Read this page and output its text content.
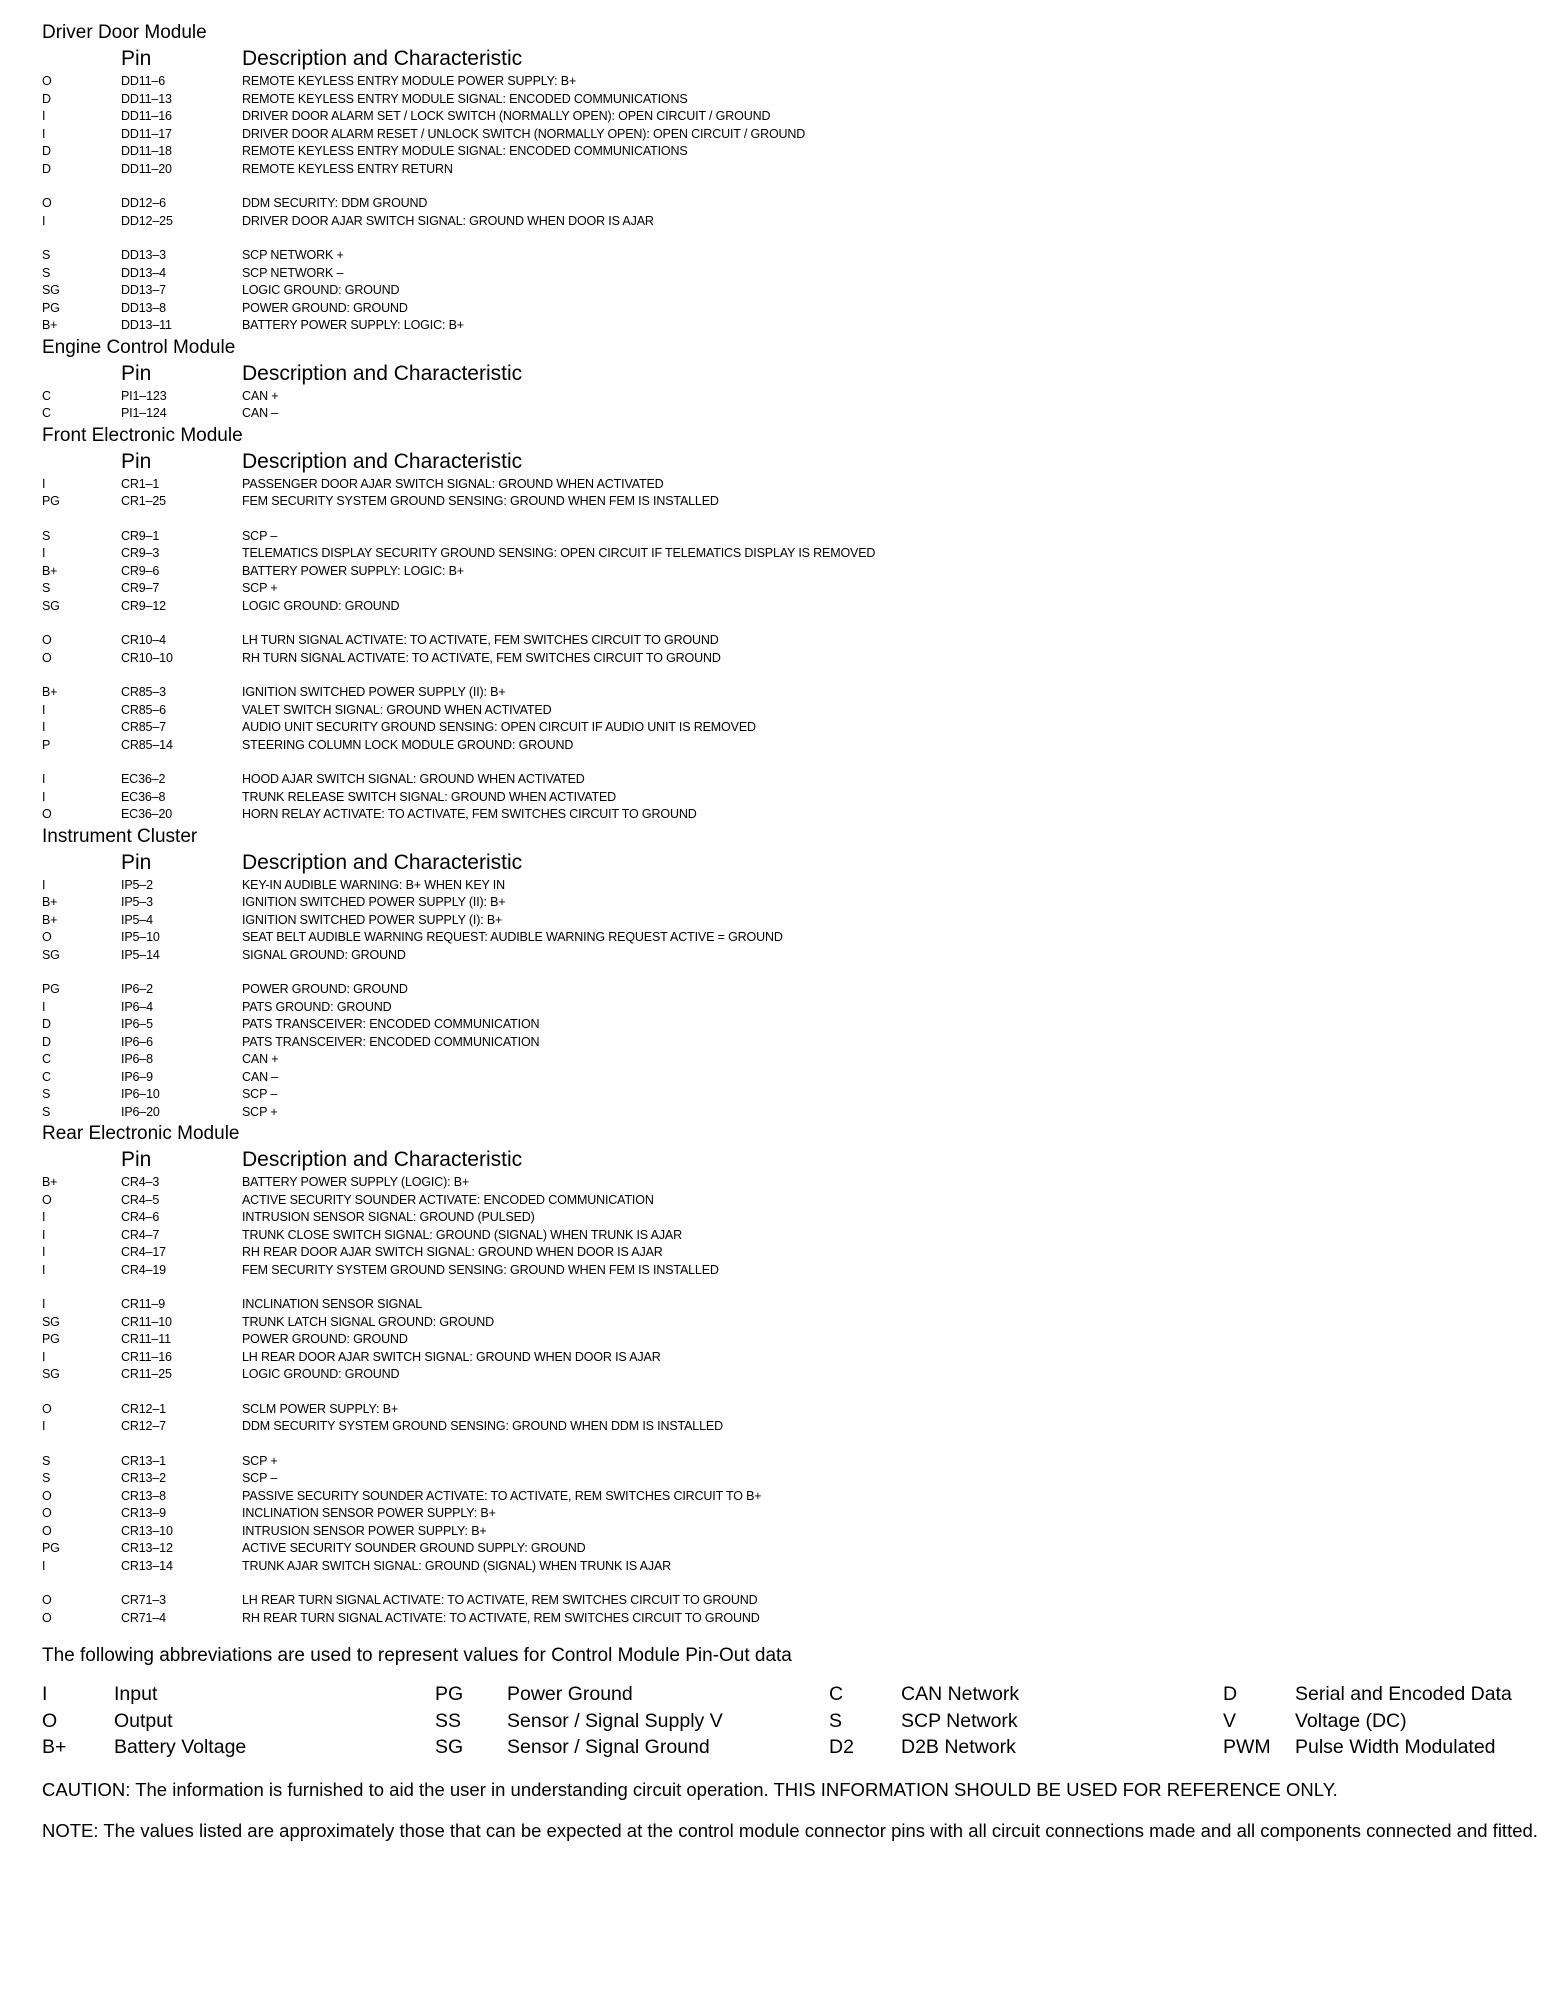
Driver Door Module
Pin	Description and Characteristic
O	DD11–6	REMOTE KEYLESS ENTRY MODULE POWER SUPPLY: B+
D	DD11–13	REMOTE KEYLESS ENTRY MODULE SIGNAL: ENCODED COMMUNICATIONS
I	DD11–16	DRIVER DOOR ALARM SET / LOCK SWITCH (NORMALLY OPEN): OPEN CIRCUIT / GROUND
I	DD11–17	DRIVER DOOR ALARM RESET / UNLOCK SWITCH (NORMALLY OPEN): OPEN CIRCUIT / GROUND
D	DD11–18	REMOTE KEYLESS ENTRY MODULE SIGNAL: ENCODED COMMUNICATIONS
D	DD11–20	REMOTE KEYLESS ENTRY RETURN
O	DD12–6	DDM SECURITY: DDM GROUND
I	DD12–25	DRIVER DOOR AJAR SWITCH SIGNAL: GROUND WHEN DOOR IS AJAR
S	DD13–3	SCP NETWORK +
S	DD13–4	SCP NETWORK –
SG	DD13–7	LOGIC GROUND: GROUND
PG	DD13–8	POWER GROUND: GROUND
B+	DD13–11	BATTERY POWER SUPPLY: LOGIC: B+
Engine Control Module
Pin	Description and Characteristic
C	PI1–123	CAN +
C	PI1–124	CAN –
Front Electronic Module
Pin	Description and Characteristic
I	CR1–1	PASSENGER DOOR AJAR SWITCH SIGNAL: GROUND WHEN ACTIVATED
PG	CR1–25	FEM SECURITY SYSTEM GROUND SENSING: GROUND WHEN FEM IS INSTALLED
S	CR9–1	SCP –
I	CR9–3	TELEMATICS DISPLAY SECURITY GROUND SENSING: OPEN CIRCUIT IF TELEMATICS DISPLAY IS REMOVED
B+	CR9–6	BATTERY POWER SUPPLY: LOGIC: B+
S	CR9–7	SCP +
SG	CR9–12	LOGIC GROUND: GROUND
O	CR10–4	LH TURN SIGNAL ACTIVATE: TO ACTIVATE, FEM SWITCHES CIRCUIT TO GROUND
O	CR10–10	RH TURN SIGNAL ACTIVATE: TO ACTIVATE, FEM SWITCHES CIRCUIT TO GROUND
B+	CR85–3	IGNITION SWITCHED POWER SUPPLY (II): B+
I	CR85–6	VALET SWITCH SIGNAL: GROUND WHEN ACTIVATED
I	CR85–7	AUDIO UNIT SECURITY GROUND SENSING: OPEN CIRCUIT IF AUDIO UNIT IS REMOVED
P	CR85–14	STEERING COLUMN LOCK MODULE GROUND: GROUND
I	EC36–2	HOOD AJAR SWITCH SIGNAL: GROUND WHEN ACTIVATED
I	EC36–8	TRUNK RELEASE SWITCH SIGNAL: GROUND WHEN ACTIVATED
O	EC36–20	HORN RELAY ACTIVATE: TO ACTIVATE, FEM SWITCHES CIRCUIT TO GROUND
Instrument Cluster
Pin	Description and Characteristic
I	IP5–2	KEY-IN AUDIBLE WARNING: B+ WHEN KEY IN
B+	IP5–3	IGNITION SWITCHED POWER SUPPLY (II): B+
B+	IP5–4	IGNITION SWITCHED POWER SUPPLY (I): B+
O	IP5–10	SEAT BELT AUDIBLE WARNING REQUEST: AUDIBLE WARNING REQUEST ACTIVE = GROUND
SG	IP5–14	SIGNAL GROUND: GROUND
PG	IP6–2	POWER GROUND: GROUND
I	IP6–4	PATS GROUND: GROUND
D	IP6–5	PATS TRANSCEIVER: ENCODED COMMUNICATION
D	IP6–6	PATS TRANSCEIVER: ENCODED COMMUNICATION
C	IP6–8	CAN +
C	IP6–9	CAN –
S	IP6–10	SCP –
S	IP6–20	SCP +
Rear Electronic Module
Pin	Description and Characteristic
B+	CR4–3	BATTERY POWER SUPPLY (LOGIC): B+
O	CR4–5	ACTIVE SECURITY SOUNDER ACTIVATE: ENCODED COMMUNICATION
I	CR4–6	INTRUSION SENSOR SIGNAL: GROUND (PULSED)
I	CR4–7	TRUNK CLOSE SWITCH SIGNAL: GROUND (SIGNAL) WHEN TRUNK IS AJAR
I	CR4–17	RH REAR DOOR AJAR SWITCH SIGNAL: GROUND WHEN DOOR IS AJAR
I	CR4–19	FEM SECURITY SYSTEM GROUND SENSING: GROUND WHEN FEM IS INSTALLED
I	CR11–9	INCLINATION SENSOR SIGNAL
SG	CR11–10	TRUNK LATCH SIGNAL GROUND: GROUND
PG	CR11–11	POWER GROUND: GROUND
I	CR11–16	LH REAR DOOR AJAR SWITCH SIGNAL: GROUND WHEN DOOR IS AJAR
SG	CR11–25	LOGIC GROUND: GROUND
O	CR12–1	SCLM POWER SUPPLY: B+
I	CR12–7	DDM SECURITY SYSTEM GROUND SENSING: GROUND WHEN DDM IS INSTALLED
S	CR13–1	SCP +
S	CR13–2	SCP –
O	CR13–8	PASSIVE SECURITY SOUNDER ACTIVATE: TO ACTIVATE, REM SWITCHES CIRCUIT TO B+
O	CR13–9	INCLINATION SENSOR POWER SUPPLY: B+
O	CR13–10	INTRUSION SENSOR POWER SUPPLY: B+
PG	CR13–12	ACTIVE SECURITY SOUNDER GROUND SUPPLY: GROUND
I	CR13–14	TRUNK AJAR SWITCH SIGNAL: GROUND (SIGNAL) WHEN TRUNK IS AJAR
O	CR71–3	LH REAR TURN SIGNAL ACTIVATE: TO ACTIVATE, REM SWITCHES CIRCUIT TO GROUND
O	CR71–4	RH REAR TURN SIGNAL ACTIVATE: TO ACTIVATE, REM SWITCHES CIRCUIT TO GROUND
The following abbreviations are used to represent values for Control Module Pin-Out data
I	Input	PG	Power Ground	C	CAN Network	D	Serial and Encoded Data
O	Output	SS	Sensor / Signal Supply V	S	SCP Network	V	Voltage (DC)
B+	Battery Voltage	SG	Sensor / Signal Ground	D2	D2B Network	PWM	Pulse Width Modulated
CAUTION: The information is furnished to aid the user in understanding circuit operation. THIS INFORMATION SHOULD BE USED FOR REFERENCE ONLY.
NOTE: The values listed are approximately those that can be expected at the control module connector pins with all circuit connections made and all components connected and fitted.
